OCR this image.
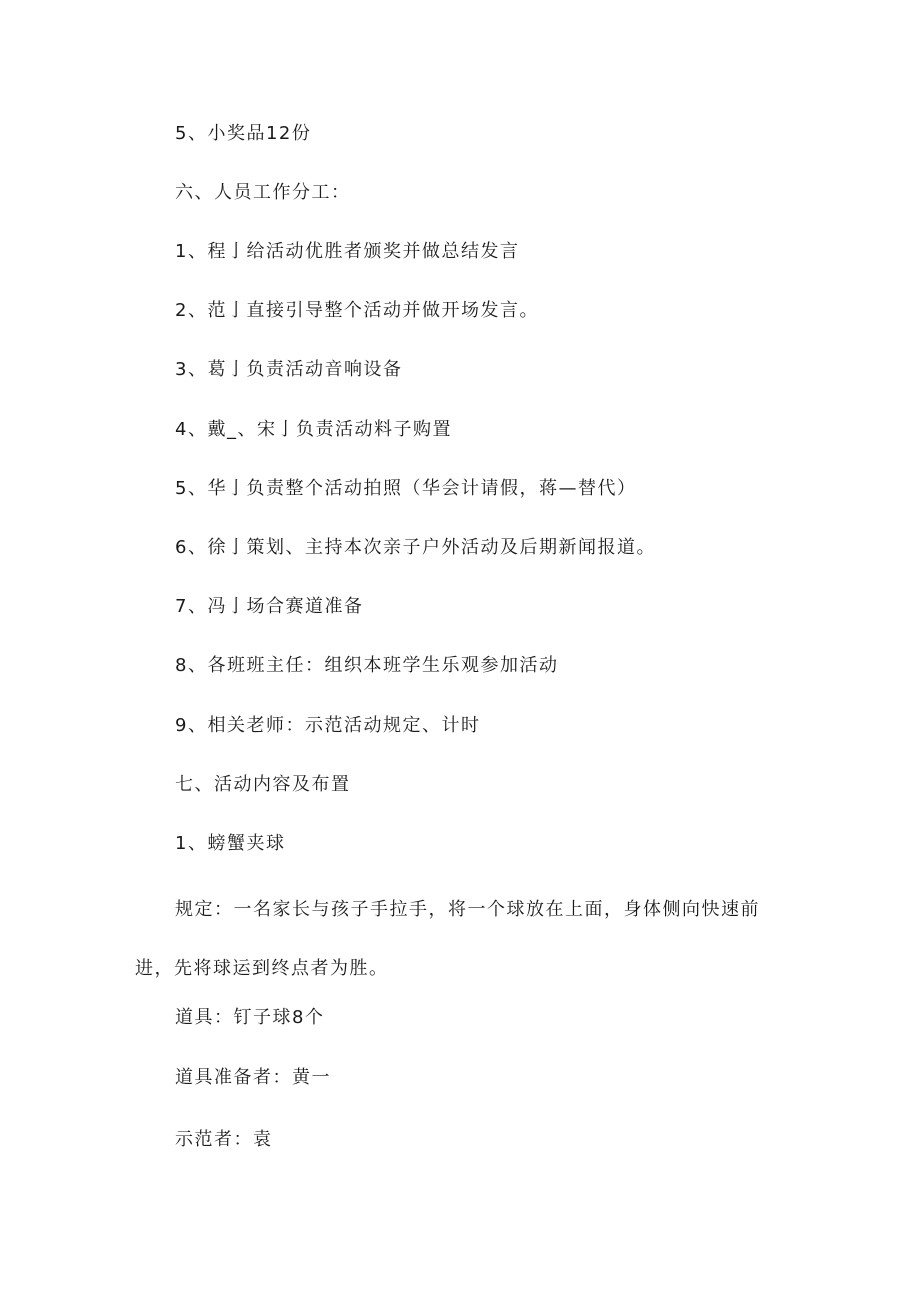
5、小奖品12份
六、人员工作分工：
1、程亅给活动优胜者颁奖并做总结发言
2、范亅直接引导整个活动并做开场发言。
3、葛亅负责活动音响设备
4、戴_、宋亅负责活动料子购置
5、华亅负责整个活动拍照（华会计请假，蒋—替代）
6、徐亅策划、主持本次亲子户外活动及后期新闻报道。
7、冯亅场合赛道准备
8、各班班主任：组织本班学生乐观参加活动
9、相关老师：示范活动规定、计时
七、活动内容及布置
1、螃蟹夹球
规定：一名家长与孩子手拉手，将一个球放在上面，身体侧向快速前进，先将球运到终点者为胜。
道具：钉子球8个
道具准备者：黄一
示范者：袁
